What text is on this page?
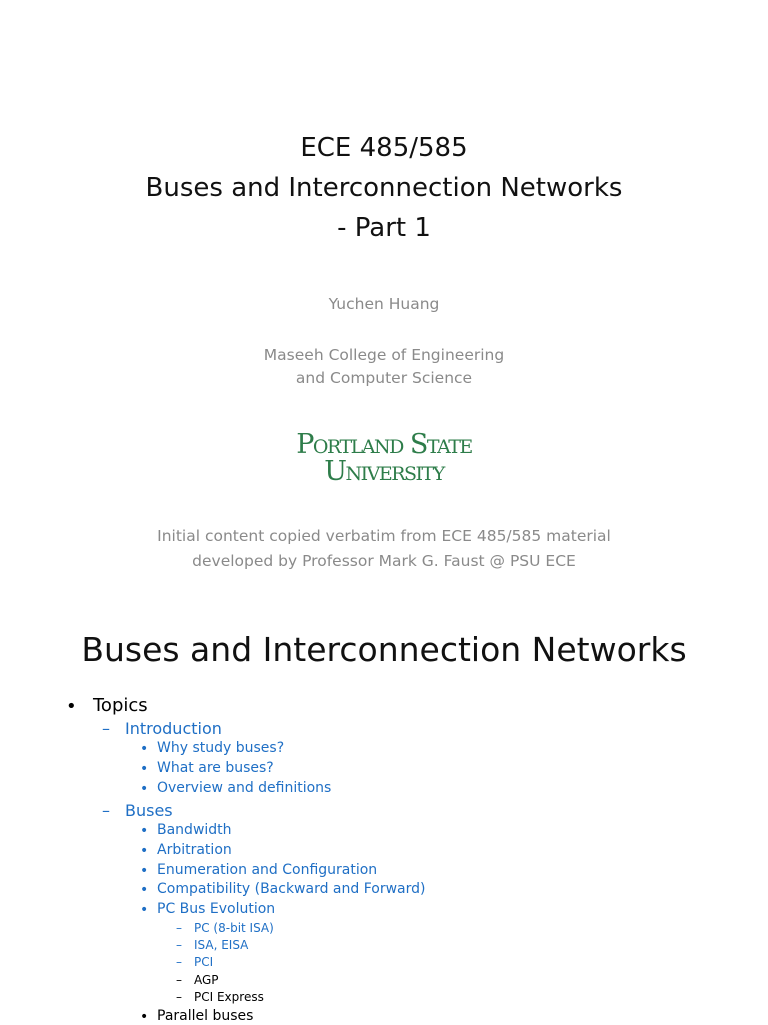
ECE 485/585
Buses and Interconnection Networks
- Part 1
Yuchen Huang
Maseeh College of Engineering
and Computer Science
Portland State
University
Initial content copied verbatim from ECE 485/585 material
developed by Professor Mark G. Faust @ PSU ECE
Buses and Interconnection Networks
• Topics
– Introduction
• Why study buses?
• What are buses?
• Overview and definitions
– Buses
• Bandwidth
• Arbitration
• Enumeration and Configuration
• Compatibility (Backward and Forward)
• PC Bus Evolution
– PC (8-bit ISA)
– ISA, EISA
– PCI
– AGP
– PCI Express
• Parallel buses
